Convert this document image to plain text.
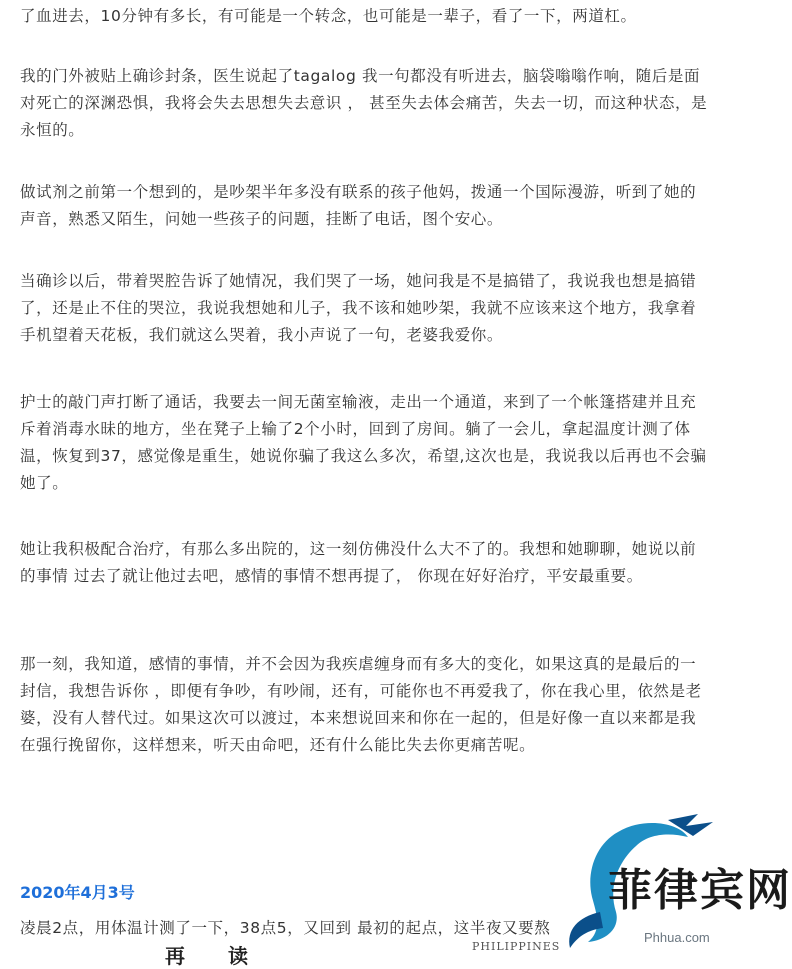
了血进去，10分钟有多长，有可能是一个转念，也可能是一辈子，看了一下，两道杠。

我的门外被贴上确诊封条，医生说起了tagalog 我一句都没有听进去，脑袋嗡嗡作响，随后是面对死亡的深渊恐惧，我将会失去思想失去意识 ， 甚至失去体会痛苦，失去一切，而这种状态，是永恒的。

做试剂之前第一个想到的，是吵架半年多没有联系的孩子他妈，拨通一个国际漫游，听到了她的声音，熟悉又陌生，问她一些孩子的问题，挂断了电话，图个安心。

当确诊以后，带着哭腔告诉了她情况，我们哭了一场，她问我是不是搞错了，我说我也想是搞错了，还是止不住的哭泣，我说我想她和儿子，我不该和她吵架，我就不应该来这个地方，我拿着手机望着天花板，我们就这么哭着，我小声说了一句，老婆我爱你。

护士的敲门声打断了通话，我要去一间无菌室输液，走出一个通道，来到了一个帐篷搭建并且充斥着消毒水昧的地方，坐在凳子上输了2个小时，回到了房间。躺了一会儿，拿起温度计测了体温，恢复到37，感觉像是重生，她说你骗了我这么多次，希望,这次也是，我说我以后再也不会骗她了。

她让我积极配合治疗，有那么多出院的，这一刻仿佛没什么大不了的。我想和她聊聊，她说以前的事情 过去了就让他过去吧，感情的事情不想再提了， 你现在好好治疗，平安最重要。

那一刻，我知道，感情的事情，并不会因为我疾虐缠身而有多大的变化，如果这真的是最后的一封信，我想告诉你 ，即便有争吵，有吵闹，还有，可能你也不再爱我了，你在我心里，依然是老婆，没有人替代过。如果这次可以渡过，本来想说回来和你在一起的，但是好像一直以来都是我在强行挽留你，这样想来，听天由命吧，还有什么能比失去你更痛苦呢。

2020年4月3号

凌晨2点，用体温计测了一下，38点5，又回到 最初的起点，这半夜又要熬
再 读	PHILIPPINES
菲律宾网
Phhua.com
